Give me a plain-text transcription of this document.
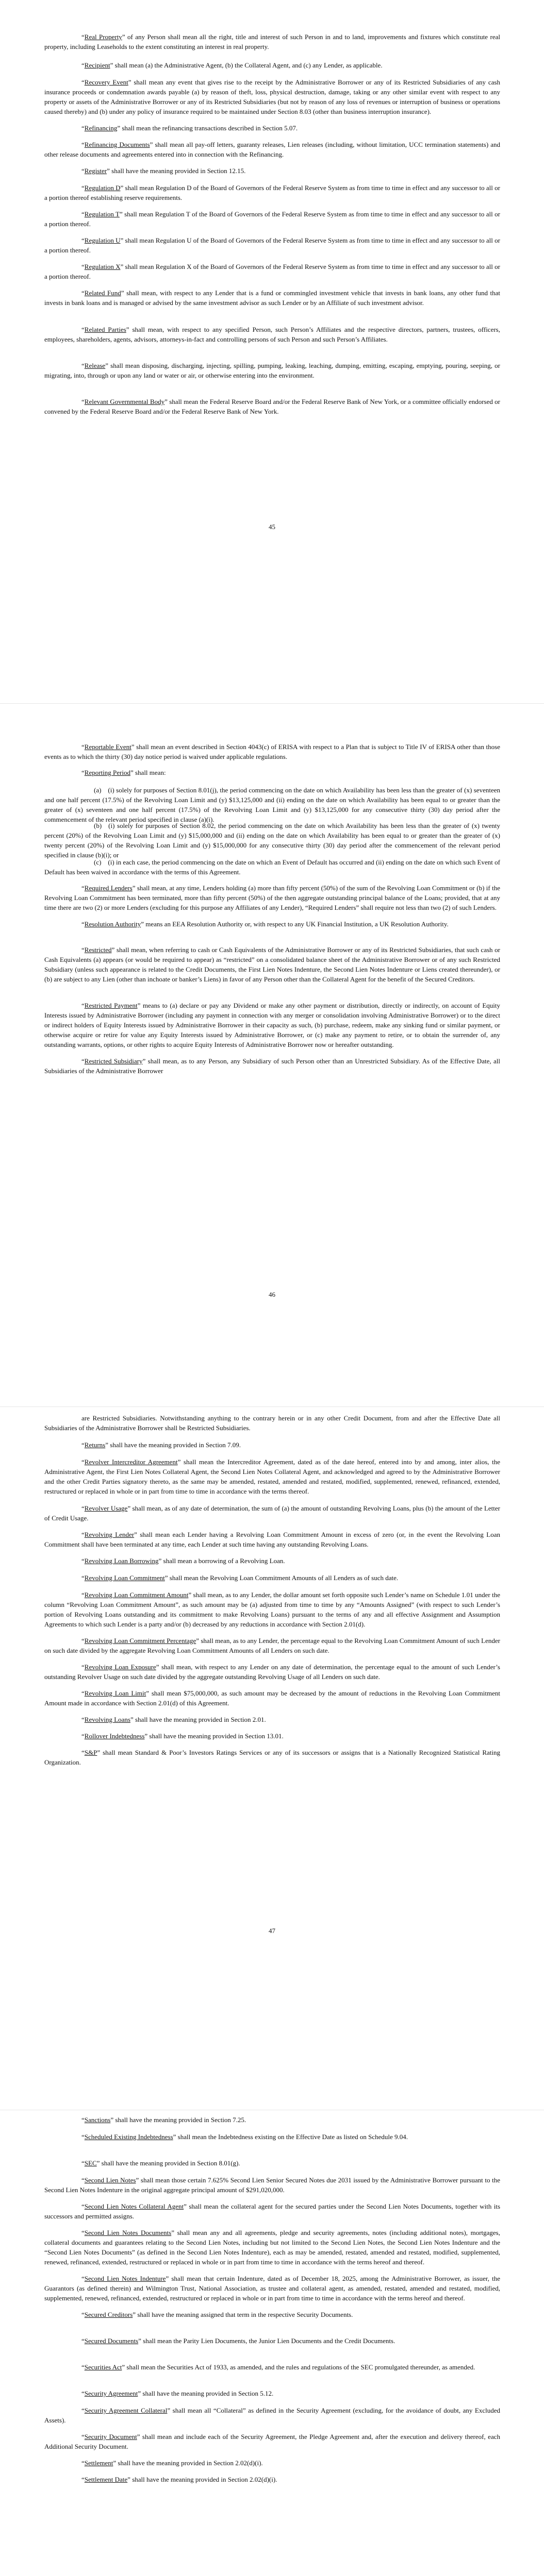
“Real Property” of any Person shall mean all the right, title and interest of such Person in and to land, improvements and fixtures which constitute real property, including Leaseholds to the extent constituting an interest in real property.

“Recipient” shall mean (a) the Administrative Agent, (b) the Collateral Agent, and (c) any Lender, as applicable.

“Recovery Event” shall mean any event that gives rise to the receipt by the Administrative Borrower or any of its Restricted Subsidiaries of any cash insurance proceeds or condemnation awards payable (a) by reason of theft, loss, physical destruction, damage, taking or any other similar event with respect to any property or assets of the Administrative Borrower or any of its Restricted Subsidiaries (but not by reason of any loss of revenues or interruption of business or operations caused thereby) and (b) under any policy of insurance required to be maintained under Section 8.03 (other than business interruption insurance).

“Refinancing” shall mean the refinancing transactions described in Section 5.07.

“Refinancing Documents” shall mean all pay-off letters, guaranty releases, Lien releases (including, without limitation, UCC termination statements) and other release documents and agreements entered into in connection with the Refinancing.

“Register” shall have the meaning provided in Section 12.15.

“Regulation D” shall mean Regulation D of the Board of Governors of the Federal Reserve System as from time to time in effect and any successor to all or a portion thereof establishing reserve requirements.

“Regulation T” shall mean Regulation T of the Board of Governors of the Federal Reserve System as from time to time in effect and any successor to all or a portion thereof.

“Regulation U” shall mean Regulation U of the Board of Governors of the Federal Reserve System as from time to time in effect and any successor to all or a portion thereof.

“Regulation X” shall mean Regulation X of the Board of Governors of the Federal Reserve System as from time to time in effect and any successor to all or a portion thereof.

“Related Fund” shall mean, with respect to any Lender that is a fund or commingled investment vehicle that invests in bank loans, any other fund that invests in bank loans and is managed or advised by the same investment advisor as such Lender or by an Affiliate of such investment advisor.

“Related Parties” shall mean, with respect to any specified Person, such Person’s Affiliates and the respective directors, partners, trustees, officers, employees, shareholders, agents, advisors, attorneys-in-fact and controlling persons of such Person and such Person’s Affiliates.

“Release” shall mean disposing, discharging, injecting, spilling, pumping, leaking, leaching, dumping, emitting, escaping, emptying, pouring, seeping, or migrating, into, through or upon any land or water or air, or otherwise entering into the environment.

“Relevant Governmental Body” shall mean the Federal Reserve Board and/or the Federal Reserve Bank of New York, or a committee officially endorsed or convened by the Federal Reserve Board and/or the Federal Reserve Bank of New York.

45

“Reportable Event” shall mean an event described in Section 4043(c) of ERISA with respect to a Plan that is subject to Title IV of ERISA other than those events as to which the thirty (30) day notice period is waived under applicable regulations.

“Reporting Period” shall mean:

(a) (i) solely for purposes of Section 8.01(j), the period commencing on the date on which Availability has been less than the greater of (x) seventeen and one half percent (17.5%) of the Revolving Loan Limit and (y) $13,125,000 and (ii) ending on the date on which Availability has been equal to or greater than the greater of (x) seventeen and one half percent (17.5%) of the Revolving Loan Limit and (y) $13,125,000 for any consecutive thirty (30) day period after the commencement of the relevant period specified in clause (a)(i).

(b) (i) solely for purposes of Section 8.02, the period commencing on the date on which Availability has been less than the greater of (x) twenty percent (20%) of the Revolving Loan Limit and (y) $15,000,000 and (ii) ending on the date on which Availability has been equal to or greater than the greater of (x) twenty percent (20%) of the Revolving Loan Limit and (y) $15,000,000 for any consecutive thirty (30) day period after the commencement of the relevant period specified in clause (b)(i); or

(c) (i) in each case, the period commencing on the date on which an Event of Default has occurred and (ii) ending on the date on which such Event of Default has been waived in accordance with the terms of this Agreement.

“Required Lenders” shall mean, at any time, Lenders holding (a) more than fifty percent (50%) of the sum of the Revolving Loan Commitment or (b) if the Revolving Loan Commitment has been terminated, more than fifty percent (50%) of the then aggregate outstanding principal balance of the Loans; provided, that at any time there are two (2) or more Lenders (excluding for this purpose any Affiliates of any Lender), “Required Lenders” shall require not less than two (2) of such Lenders.

“Resolution Authority” means an EEA Resolution Authority or, with respect to any UK Financial Institution, a UK Resolution Authority.

“Restricted” shall mean, when referring to cash or Cash Equivalents of the Administrative Borrower or any of its Restricted Subsidiaries, that such cash or Cash Equivalents (a) appears (or would be required to appear) as “restricted” on a consolidated balance sheet of the Administrative Borrower or of any such Restricted Subsidiary (unless such appearance is related to the Credit Documents, the First Lien Notes Indenture, the Second Lien Notes Indenture or Liens created thereunder), or (b) are subject to any Lien (other than inchoate or banker’s Liens) in favor of any Person other than the Collateral Agent for the benefit of the Secured Creditors.

“Restricted Payment” means to (a) declare or pay any Dividend or make any other payment or distribution, directly or indirectly, on account of Equity Interests issued by Administrative Borrower (including any payment in connection with any merger or consolidation involving Administrative Borrower) or to the direct or indirect holders of Equity Interests issued by Administrative Borrower in their capacity as such, (b) purchase, redeem, make any sinking fund or similar payment, or otherwise acquire or retire for value any Equity Interests issued by Administrative Borrower, or (c) make any payment to retire, or to obtain the surrender of, any outstanding warrants, options, or other rights to acquire Equity Interests of Administrative Borrower now or hereafter outstanding.

“Restricted Subsidiary” shall mean, as to any Person, any Subsidiary of such Person other than an Unrestricted Subsidiary. As of the Effective Date, all Subsidiaries of the Administrative Borrower

46

are Restricted Subsidiaries. Notwithstanding anything to the contrary herein or in any other Credit Document, from and after the Effective Date all Subsidiaries of the Administrative Borrower shall be Restricted Subsidiaries.

“Returns” shall have the meaning provided in Section 7.09.

“Revolver Intercreditor Agreement” shall mean the Intercreditor Agreement, dated as of the date hereof, entered into by and among, inter alios, the Administrative Agent, the First Lien Notes Collateral Agent, the Second Lien Notes Collateral Agent, and acknowledged and agreed to by the Administrative Borrower and the other Credit Parties signatory thereto, as the same may be amended, restated, amended and restated, modified, supplemented, renewed, refinanced, extended, restructured or replaced in whole or in part from time to time in accordance with the terms thereof.

“Revolver Usage” shall mean, as of any date of determination, the sum of (a) the amount of outstanding Revolving Loans, plus (b) the amount of the Letter of Credit Usage.

“Revolving Lender” shall mean each Lender having a Revolving Loan Commitment Amount in excess of zero (or, in the event the Revolving Loan Commitment shall have been terminated at any time, each Lender at such time having any outstanding Revolving Loans.

“Revolving Loan Borrowing” shall mean a borrowing of a Revolving Loan.

“Revolving Loan Commitment” shall mean the Revolving Loan Commitment Amounts of all Lenders as of such date.

“Revolving Loan Commitment Amount” shall mean, as to any Lender, the dollar amount set forth opposite such Lender’s name on Schedule 1.01 under the column “Revolving Loan Commitment Amount”, as such amount may be (a) adjusted from time to time by any “Amounts Assigned” (with respect to such Lender’s portion of Revolving Loans outstanding and its commitment to make Revolving Loans) pursuant to the terms of any and all effective Assignment and Assumption Agreements to which such Lender is a party and/or (b) decreased by any reductions in accordance with Section 2.01(d).

“Revolving Loan Commitment Percentage” shall mean, as to any Lender, the percentage equal to the Revolving Loan Commitment Amount of such Lender on such date divided by the aggregate Revolving Loan Commitment Amounts of all Lenders on such date.

“Revolving Loan Exposure” shall mean, with respect to any Lender on any date of determination, the percentage equal to the amount of such Lender’s outstanding Revolver Usage on such date divided by the aggregate outstanding Revolving Usage of all Lenders on such date.

“Revolving Loan Limit” shall mean $75,000,000, as such amount may be decreased by the amount of reductions in the Revolving Loan Commitment Amount made in accordance with Section 2.01(d) of this Agreement.

“Revolving Loans” shall have the meaning provided in Section 2.01.

“Rollover Indebtedness” shall have the meaning provided in Section 13.01.

“S&P” shall mean Standard & Poor’s Investors Ratings Services or any of its successors or assigns that is a Nationally Recognized Statistical Rating Organization.

47

“Sanctions” shall have the meaning provided in Section 7.25.

“Scheduled Existing Indebtedness” shall mean the Indebtedness existing on the Effective Date as listed on Schedule 9.04.

“SEC” shall have the meaning provided in Section 8.01(g).

“Second Lien Notes” shall mean those certain 7.625% Second Lien Senior Secured Notes due 2031 issued by the Administrative Borrower pursuant to the Second Lien Notes Indenture in the original aggregate principal amount of $291,020,000.

“Second Lien Notes Collateral Agent” shall mean the collateral agent for the secured parties under the Second Lien Notes Documents, together with its successors and permitted assigns.

“Second Lien Notes Documents” shall mean any and all agreements, pledge and security agreements, notes (including additional notes), mortgages, collateral documents and guarantees relating to the Second Lien Notes, including but not limited to the Second Lien Notes, the Second Lien Notes Indenture and the “Second Lien Notes Documents” (as defined in the Second Lien Notes Indenture), each as may be amended, restated, amended and restated, modified, supplemented, renewed, refinanced, extended, restructured or replaced in whole or in part from time to time in accordance with the terms hereof and thereof.

“Second Lien Notes Indenture” shall mean that certain Indenture, dated as of December 18, 2025, among the Administrative Borrower, as issuer, the Guarantors (as defined therein) and Wilmington Trust, National Association, as trustee and collateral agent, as amended, restated, amended and restated, modified, supplemented, renewed, refinanced, extended, restructured or replaced in whole or in part from time to time in accordance with the terms hereof and thereof.

“Secured Creditors” shall have the meaning assigned that term in the respective Security Documents.

“Secured Documents” shall mean the Parity Lien Documents, the Junior Lien Documents and the Credit Documents.

“Securities Act” shall mean the Securities Act of 1933, as amended, and the rules and regulations of the SEC promulgated thereunder, as amended.

“Security Agreement” shall have the meaning provided in Section 5.12.

“Security Agreement Collateral” shall mean all “Collateral” as defined in the Security Agreement (excluding, for the avoidance of doubt, any Excluded Assets).

“Security Document” shall mean and include each of the Security Agreement, the Pledge Agreement and, after the execution and delivery thereof, each Additional Security Document.

“Settlement” shall have the meaning provided in Section 2.02(d)(i).

“Settlement Date” shall have the meaning provided in Section 2.02(d)(i).
